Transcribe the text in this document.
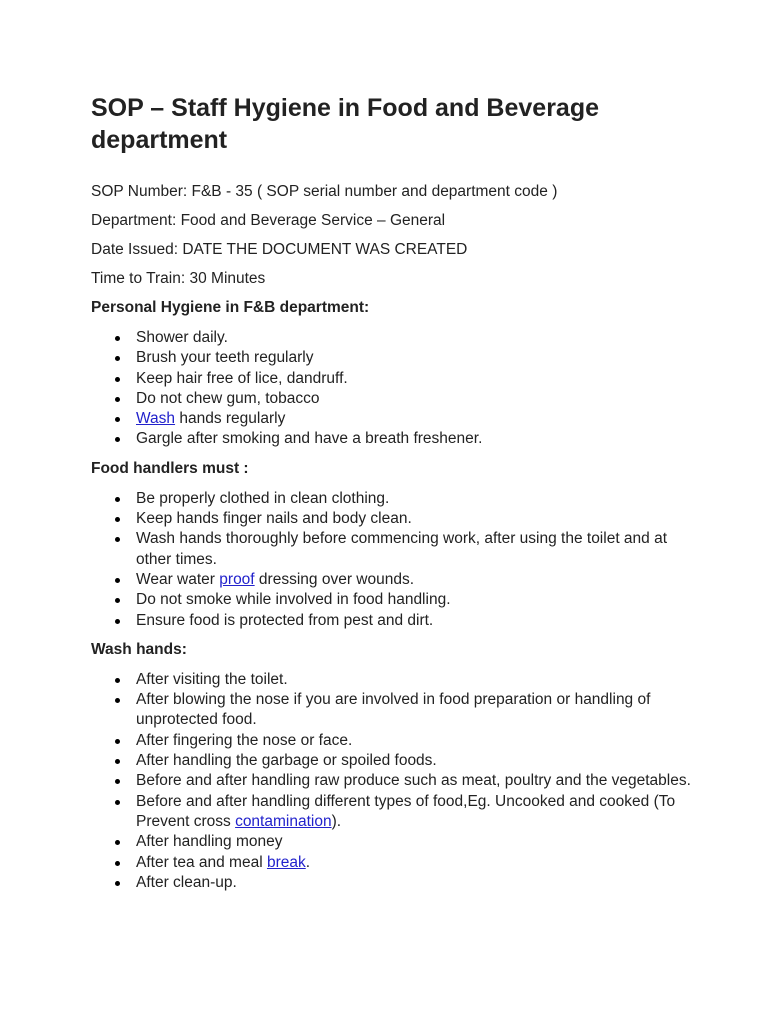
SOP – Staff Hygiene in Food and Beverage department

SOP Number: F&B - 35 ( SOP serial number and department code )

Department: Food and Beverage Service – General

Date Issued: DATE THE DOCUMENT WAS CREATED

Time to Train: 30 Minutes

Personal Hygiene in F&B department:

Shower daily.
Brush your teeth regularly
Keep hair free of lice, dandruff.
Do not chew gum, tobacco
Wash hands regularly
Gargle after smoking and have a breath freshener.

Food handlers must :

Be properly clothed in clean clothing.
Keep hands finger nails and body clean.
Wash hands thoroughly before commencing work, after using the toilet and at other times.
Wear water proof dressing over wounds.
Do not smoke while involved in food handling.
Ensure food is protected from pest and dirt.

Wash hands:

After visiting the toilet.
After blowing the nose if you are involved in food preparation or handling of unprotected food.
After fingering the nose or face.
After handling the garbage or spoiled foods.
Before and after handling raw produce such as meat, poultry and the vegetables.
Before and after handling different types of food,Eg. Uncooked and cooked (To Prevent cross contamination).
After handling money
After tea and meal break.
After clean-up.
